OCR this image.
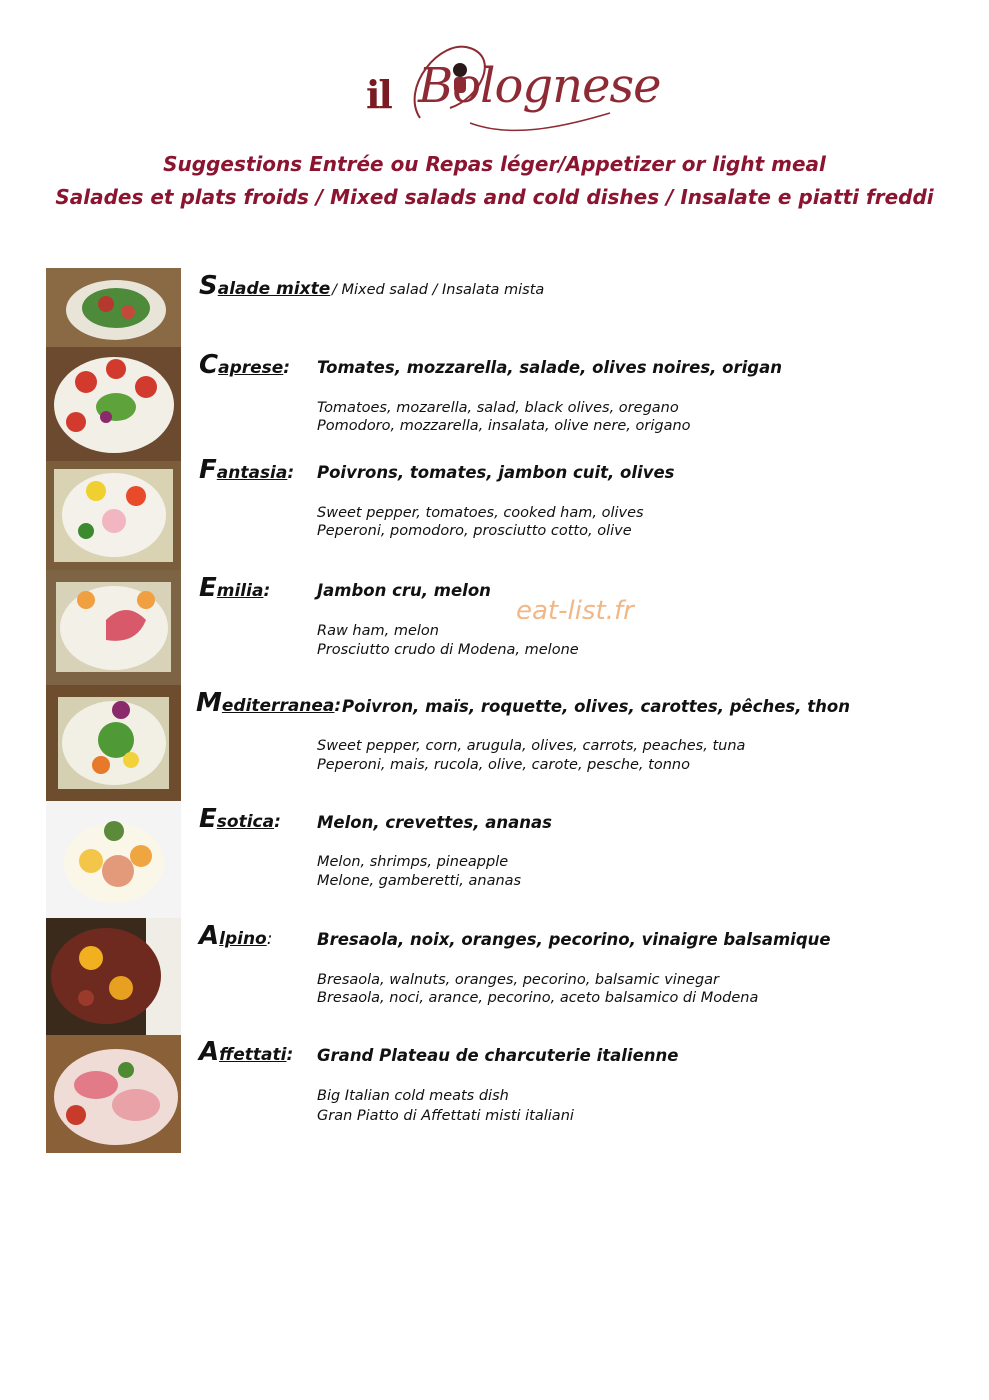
il Bolognese
Suggestions Entrée ou Repas léger/Appetizer or light meal
Salades et plats froids / Mixed salads and cold dishes / Insalate e piatti freddi
Salade mixte / Mixed salad / Insalata mista
Caprese: Tomates, mozzarella, salade, olives noires, origan
Tomatoes, mozarella, salad, black olives, oregano
Pomodoro, mozzarella, insalata, olive nere, origano
Fantasia: Poivrons, tomates, jambon cuit, olives
Sweet pepper, tomatoes, cooked ham, olives
Peperoni, pomodoro, prosciutto cotto, olive
Emilia:	Jambon cru, melon
Raw ham, melon
Prosciutto crudo di Modena, melone
eat-list.fr
Mediterranea: Poivron, maïs, roquette, olives, carottes, pêches, thon
Sweet pepper, corn, arugula, olives, carrots, peaches, tuna
Peperoni, mais, rucola, olive, carote, pesche, tonno
Esotica: Melon, crevettes, ananas
Melon, shrimps, pineapple
Melone, gamberetti, ananas
Alpino:	Bresaola, noix, oranges, pecorino, vinaigre balsamique
Bresaola, walnuts, oranges, pecorino, balsamic vinegar
Bresaola, noci, arance, pecorino, aceto balsamico di Modena
Affettati: Grand Plateau de charcuterie italienne
Big Italian cold meats dish
Gran Piatto di Affettati misti italiani
